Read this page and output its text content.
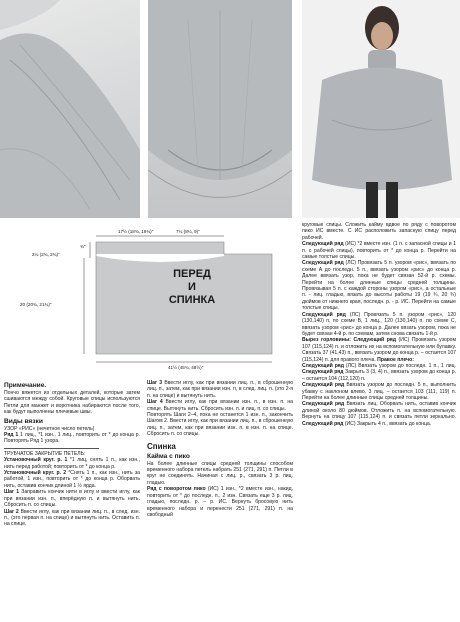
17½ (18¾, 19¾)"	7¼ (8¼, 9)"
2¼ (2¾, 2¾)"
¾"
20 (20¾, 21¾)"
41½ (45¾, 48½)"
ПЕРЕД
И
СПИНКА

Примечание.

Пончо вяжется из отдельных деталей, которые затем сшиваются между собой. Круговые спицы используются Петли для манжет и воротника набираются после того, как будут выполнены плечевые швы.

Виды вязки

УЗОР «РИС» (нечетное число петель)

Ряд 1 1 лиц., *1 изн., 1 лиц., повторить от * до конца р. Повторять Ряд 1 узора.

ТРУБЧАТОЕ ЗАКРЫТИЕ ПЕТЕЛЬ:

Установочный круг. р. 1 *1 лиц, снять 1 п., как изн., нить перед работой; повторить от * до конца р.

Установочный круг. р. 2 *Снять 1 п., как изн., нить за работой, 1 изн., повторить от * до конца р. Оборвать нить, оставив кончик длиной 1 ½ ярда.

Шаг 1 Заправить кончик нити в иглу и ввести иглу, как при вязании изн. п., вперёдную п. и вытянуть нить. Сбросить п. со спицы.

Шаг 2 Ввести иглу, как при вязании лиц. п., в след. изн. п., (это первая п. на спице) и вытянуть нить. Оставить п. на спице.

Шаг 3 Ввести иглу, как при вязании лиц. п., в сброшенную лиц. п., затем, как при вязании изн. п, в след. лиц. п. (это 2-я п. на спице) и вытянуть нить.

Шаг 4 Ввести иглу, как при вязании изн. п., в изн. п. на спице. Вытянуть нить. Сбросить изн. п. и лиц. п. со спицы.

Повторять Шаги 2–4, пока не останется 1 изн. п., закончить Шагом 2. Ввести иглу, как при вязании лиц. п., в сброшенную лиц. п., затем, как при вязании изн. п. в изн. п. на спице. Сбросить п. со спицы.

Спинка

Кайма с пико

На более длинные спицы средней толщины способом временного набора петель набрать 251 (271, 291) п. Петли в круг не соединять. Начиная с лиц. р., связать 3 р. лиц. гладью.

Ряд с поворотом пико (ИС) 1 изн., *2 вместе изн., накид, повторить от * до последн. п., 2 изн. Связать еще 3 р. лиц. гладью, последн. р. – р. ИС. Вернуть бросовую нить временного набора и перенести 251 (271, 291) п. на свободный

круговые спицы. Сложить кайму вдвое по ряду с поворотом пико ИС вместе. С ИС расположить запасную спицу перед рабочей.

Следующий ряд (ИС) *2 вместе изн. (1 п. с запасной спицы и 1 п. с рабочей спицы), повторить от * до конца р. Перейти на самые толстые спицы.

Следующий ряд (ЛС) Провязать 5 п. узором «рис», ввязать по схеме А до последн. 5 п., ввязать узором «рис» до конца р. Далее ввязать узор, пока не будет связан 52-й р. схемы. Перейти на более длинные спицы средней толщины. Провязывая 5 п. с каждой стороны узором «рис», а остальные п. - лиц. гладью, вязать до высоты работы 19 (19 ¾, 20 ¾) дюймов от нижнего края, последн. р. - р. ИС. Перейти на самые толстые спицы.

Следующий ряд (ЛС) Провязать 5 п. узором «рис», 120 (130,140) п. по схеме В, 1 лиц., 120 (130,140) п. по схеме С, ввязать узором «рис» до конца р. Далее вязать узором, пока не будет связан 4-й р. по схемам, затем снова связать 1-й р.

Вырез горловины: Следующий ряд (ИС) Провязать узором 107 (115,124) п. и отложить их на вспомогательную или булавку. Связать 37 (41,43) п., ввязать узором до конца р. – остается 107 (115,124) п. для правого плеча. Правое плечо:

Следующий ряд (ЛС) Ввязать узором до последн. 1 п., 1 лиц. Следующий ряд Закрыть 3 (3, 4) п., ввязать узором до конца р. – остается 104 (112,120) п.

Следующий ряд Ввязать узором до последн. 5 п., выполнить убавку с наклоном влево, 3 лиц. – остается 103 (111, 119) п. Перейти на более длинные спицы средней толщины.

Следующий ряд Ввязать лиц. Оборвать нить, оставив кончик длиной около 80 дюймов. Отложить п. на вспомогательную. Вернуть на спицу 107 (115,124) п. и связать петли зеркально. Следующий ряд (ИС) Закрыть 4 п., ввязать до конца.
